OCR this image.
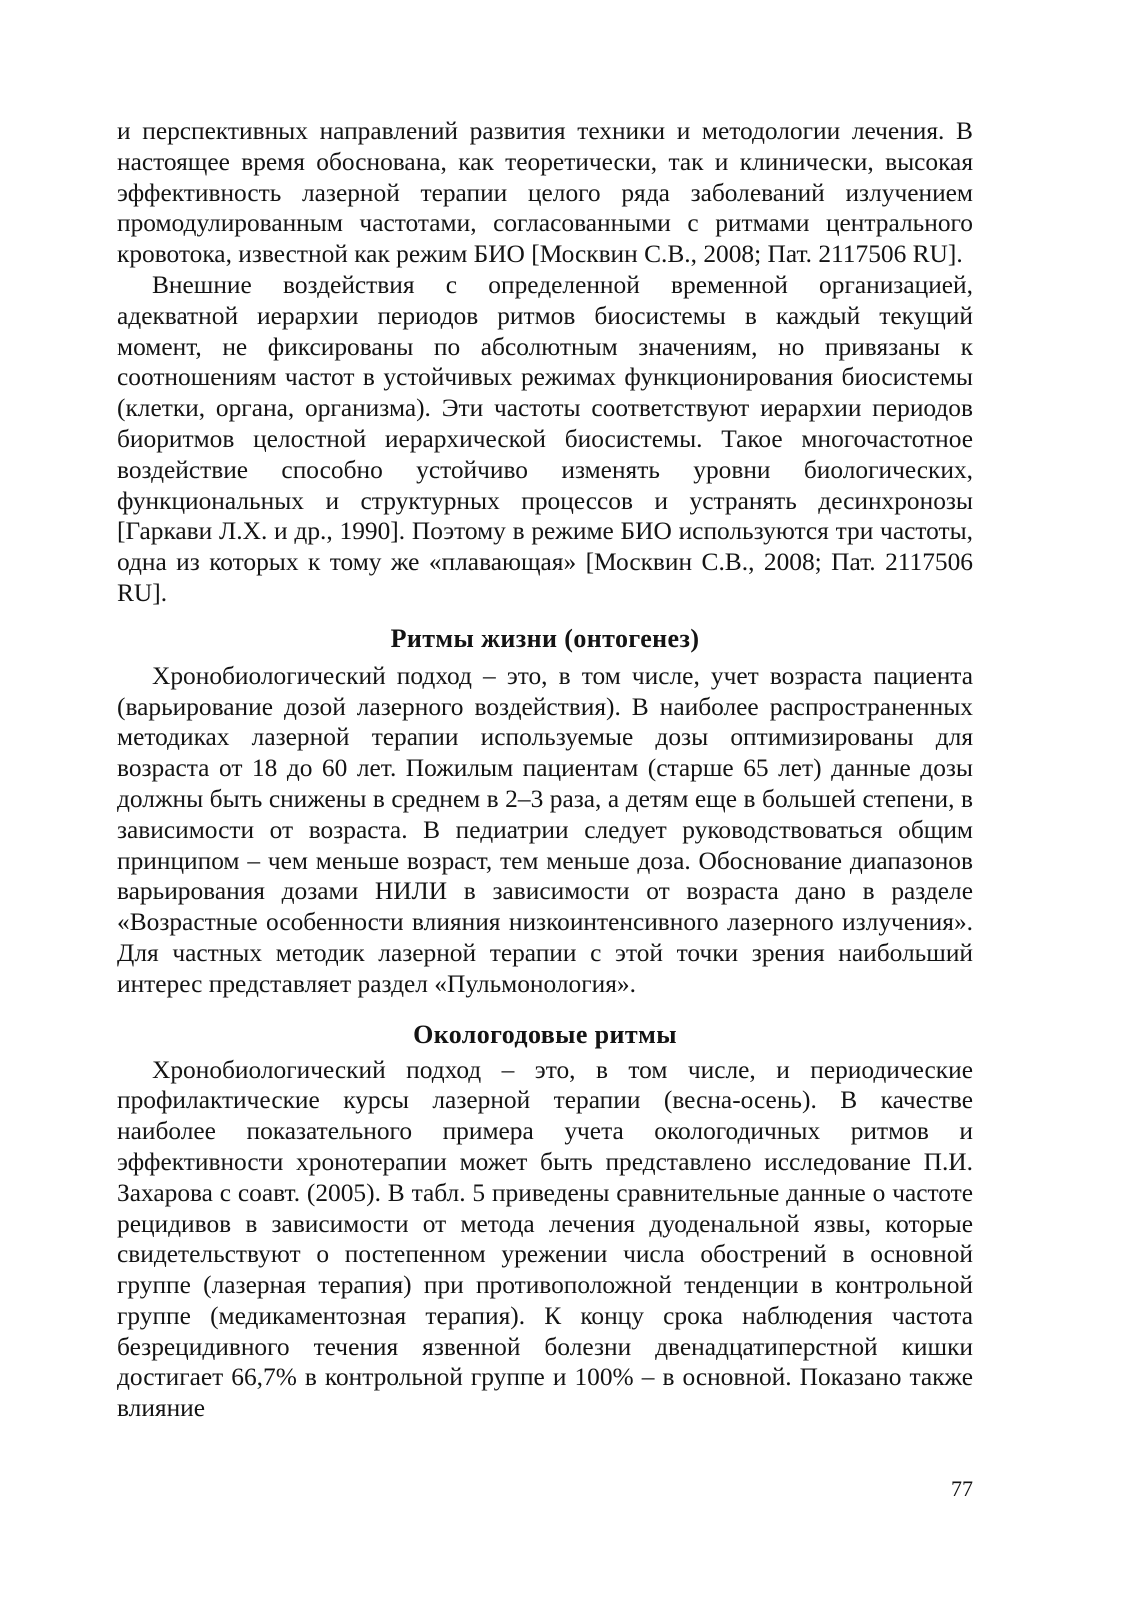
и перспективных направлений развития техники и методологии лечения. В настоящее время обоснована, как теоретически, так и клинически, высокая эффективность лазерной терапии целого ряда заболеваний излучением промодулированным частотами, согласованными с ритмами центрального кровотока, известной как режим БИО [Москвин С.В., 2008; Пат. 2117506 RU].

Внешние воздействия с определенной временной организацией, адекватной иерархии периодов ритмов биосистемы в каждый текущий момент, не фиксированы по абсолютным значениям, но привязаны к соотношениям частот в устойчивых режимах функционирования биосистемы (клетки, органа, организма). Эти частоты соответствуют иерархии периодов биоритмов целостной иерархической биосистемы. Такое многочастотное воздействие способно устойчиво изменять уровни биологических, функциональных и структурных процессов и устранять десинхронозы [Гаркави Л.Х. и др., 1990]. Поэтому в режиме БИО используются три частоты, одна из которых к тому же «плавающая» [Москвин С.В., 2008; Пат. 2117506 RU].

Ритмы жизни (онтогенез)

Хронобиологический подход – это, в том числе, учет возраста пациента (варьирование дозой лазерного воздействия). В наиболее распространенных методиках лазерной терапии используемые дозы оптимизированы для возраста от 18 до 60 лет. Пожилым пациентам (старше 65 лет) данные дозы должны быть снижены в среднем в 2–3 раза, а детям еще в большей степени, в зависимости от возраста. В педиатрии следует руководствоваться общим принципом – чем меньше возраст, тем меньше доза. Обоснование диапазонов варьирования дозами НИЛИ в зависимости от возраста дано в разделе «Возрастные особенности влияния низкоинтенсивного лазерного излучения». Для частных методик лазерной терапии с этой точки зрения наибольший интерес представляет раздел «Пульмонология».

Окологодовые ритмы

Хронобиологический подход – это, в том числе, и периодические профилактические курсы лазерной терапии (весна-осень). В качестве наиболее показательного примера учета окологодичных ритмов и эффективности хронотерапии может быть представлено исследование П.И. Захарова с соавт. (2005). В табл. 5 приведены сравнительные данные о частоте рецидивов в зависимости от метода лечения дуоденальной язвы, которые свидетельствуют о постепенном урежении числа обострений в основной группе (лазерная терапия) при противоположной тенденции в контрольной группе (медикаментозная терапия). К концу срока наблюдения частота безрецидивного течения язвенной болезни двенадцатиперстной кишки достигает 66,7% в контрольной группе и 100% – в основной. Показано также влияние

77
